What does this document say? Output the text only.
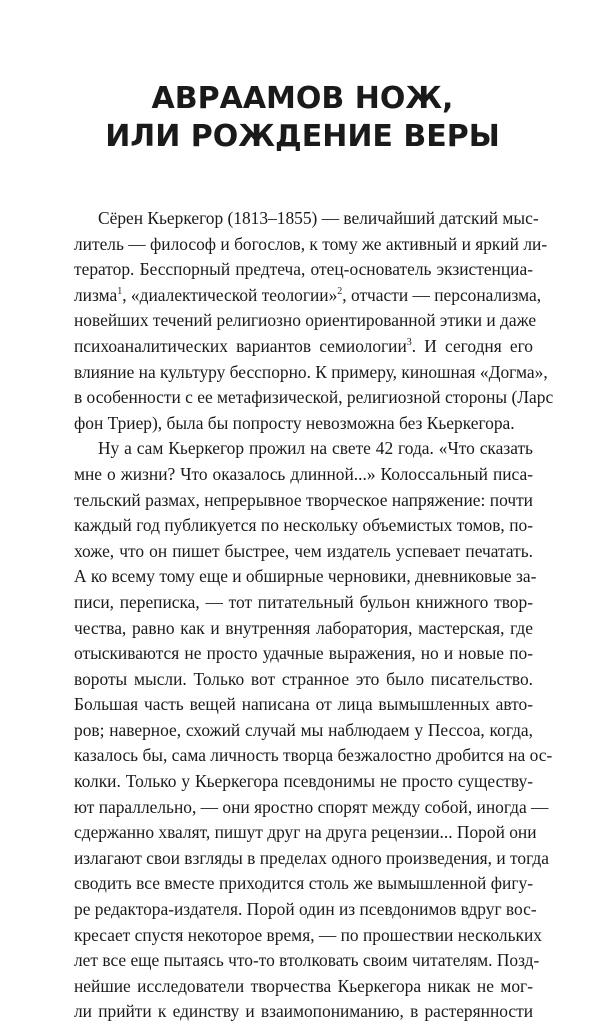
АВРААМОВ НОЖ,
ИЛИ РОЖДЕНИЕ ВЕРЫ
Сёрен Кьеркегор (1813–1855) — величайший датский мыс-
литель — философ и богослов, к тому же активный и яркий ли-
тератор. Бесспорный предтеча, отец-основатель экзистенциа-
лизма$^1$, «диалектической теологии»$^2$, отчасти — персонализма,
новейших течений религиозно ориентированной этики и даже
психоаналитических вариантов семиологии$^3$. И сегодня его
влияние на культуру бесспорно. К примеру, киношная «Догма»,
в особенности с ее метафизической, религиозной стороны (Ларс
фон Триер), была бы попросту невозможна без Кьеркегора.
Ну а сам Кьеркегор прожил на свете 42 года. «Что сказать
мне о жизни? Что оказалось длинной...» Колоссальный писа-
тельский размах, непрерывное творческое напряжение: почти
каждый год публикуется по нескольку объемистых томов, по-
хоже, что он пишет быстрее, чем издатель успевает печатать.
А ко всему тому еще и обширные черновики, дневниковые за-
писи, переписка, — тот питательный бульон книжного твор-
чества, равно как и внутренняя лаборатория, мастерская, где
отыскиваются не просто удачные выражения, но и новые по-
вороты мысли. Только вот странное это было писательство.
Большая часть вещей написана от лица вымышленных авто-
ров; наверное, схожий случай мы наблюдаем у Пессоа, когда,
казалось бы, сама личность творца безжалостно дробится на ос-
колки. Только у Кьеркегора псевдонимы не просто существу-
ют параллельно, — они яростно спорят между собой, иногда —
сдержанно хвалят, пишут друг на друга рецензии... Порой они
излагают свои взгляды в пределах одного произведения, и тогда
сводить все вместе приходится столь же вымышленной фигу-
ре редактора-издателя. Порой один из псевдонимов вдруг вос-
кресает спустя некоторое время, — по прошествии нескольких
лет все еще пытаясь что-то втолковать своим читателям. Позд-
нейшие исследователи творчества Кьеркегора никак не мог-
ли прийти к единству и взаимопониманию, в растерянности
